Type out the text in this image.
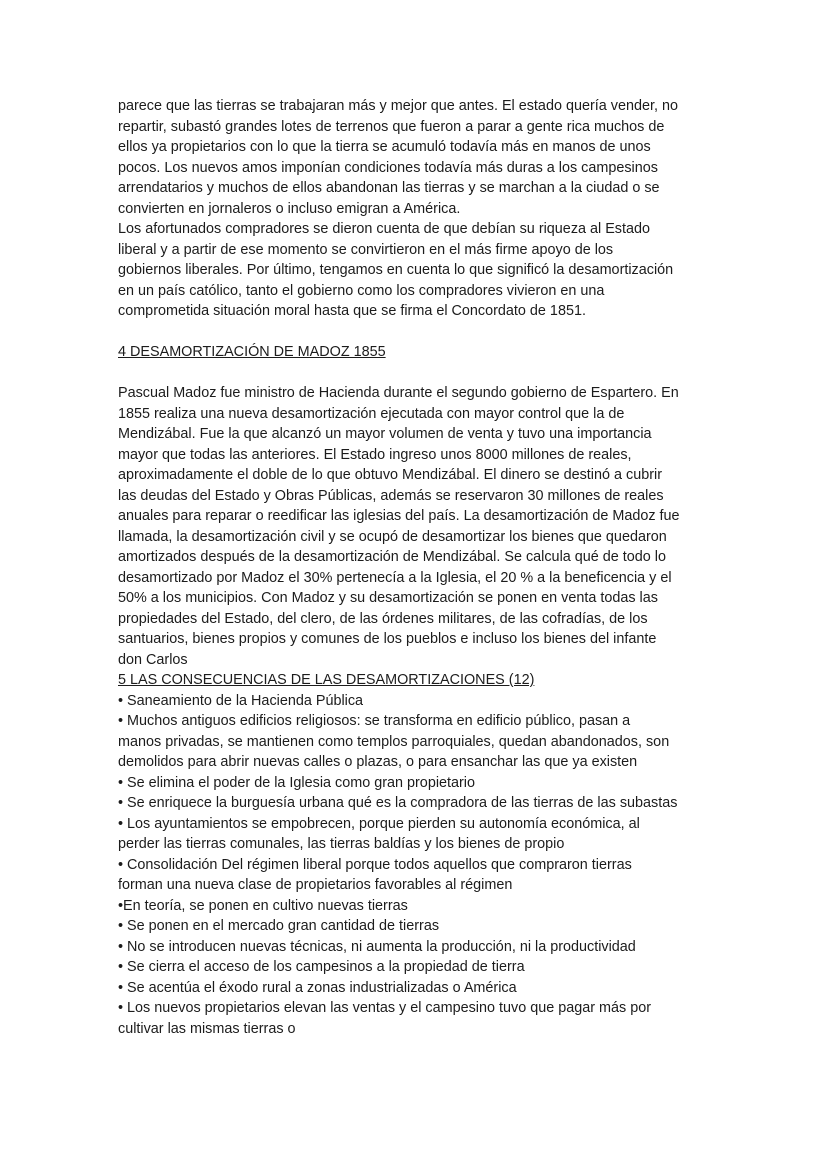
parece que las tierras se trabajaran más y mejor que antes. El estado quería vender, no
repartir, subastó grandes lotes de terrenos que fueron a parar a gente rica muchos de
ellos ya propietarios con lo que la tierra se acumuló todavía más en manos de unos
pocos. Los nuevos amos imponían condiciones todavía más duras a los campesinos
arrendatarios y muchos de ellos abandonan las tierras y se marchan a la ciudad o se
convierten en jornaleros o incluso emigran a América.

Los afortunados compradores se dieron cuenta de que debían su riqueza al Estado
liberal y a partir de ese momento se convirtieron en el más firme apoyo de los
gobiernos liberales. Por último, tengamos en cuenta lo que significó la desamortización
en un país católico, tanto el gobierno como los compradores vivieron en una
comprometida situación moral hasta que se firma el Concordato de 1851.

4 DESAMORTIZACIÓN DE MADOZ 1855

Pascual Madoz fue ministro de Hacienda durante el segundo gobierno de Espartero. En
1855 realiza una nueva desamortización ejecutada con mayor control que la de
Mendizábal. Fue la que alcanzó un mayor volumen de venta y tuvo una importancia
mayor que todas las anteriores. El Estado ingreso unos 8000 millones de reales,
aproximadamente el doble de lo que obtuvo Mendizábal. El dinero se destinó a cubrir
las deudas del Estado y Obras Públicas, además se reservaron 30 millones de reales
anuales para reparar o reedificar las iglesias del país. La desamortización de Madoz fue
llamada, la desamortización civil y se ocupó de desamortizar los bienes que quedaron
amortizados después de la desamortización de Mendizábal. Se calcula qué de todo lo
desamortizado por Madoz el 30% pertenecía a la Iglesia, el 20 % a la beneficencia y el
50% a los municipios. Con Madoz y su desamortización se ponen en venta todas las
propiedades del Estado, del clero, de las órdenes militares, de las cofradías, de los
santuarios, bienes propios y comunes de los pueblos e incluso los bienes del infante
don Carlos

5 LAS CONSECUENCIAS DE LAS DESAMORTIZACIONES (12)

• Saneamiento de la Hacienda Pública

• Muchos antiguos edificios religiosos: se transforma en edificio público, pasan a
manos privadas, se mantienen como templos parroquiales, quedan abandonados, son
demolidos para abrir nuevas calles o plazas, o para ensanchar las que ya existen

• Se elimina el poder de la Iglesia como gran propietario

• Se enriquece la burguesía urbana qué es la compradora de las tierras de las subastas

• Los ayuntamientos se empobrecen, porque pierden su autonomía económica, al
perder las tierras comunales, las tierras baldías y los bienes de propio

• Consolidación Del régimen liberal porque todos aquellos que compraron tierras
forman una nueva clase de propietarios favorables al régimen

•En teoría, se ponen en cultivo nuevas tierras

• Se ponen en el mercado gran cantidad de tierras

• No se introducen nuevas técnicas, ni aumenta la producción, ni la productividad

• Se cierra el acceso de los campesinos a la propiedad de tierra

• Se acentúa el éxodo rural a zonas industrializadas o América

• Los nuevos propietarios elevan las ventas y el campesino tuvo que pagar más por
cultivar las mismas tierras o
